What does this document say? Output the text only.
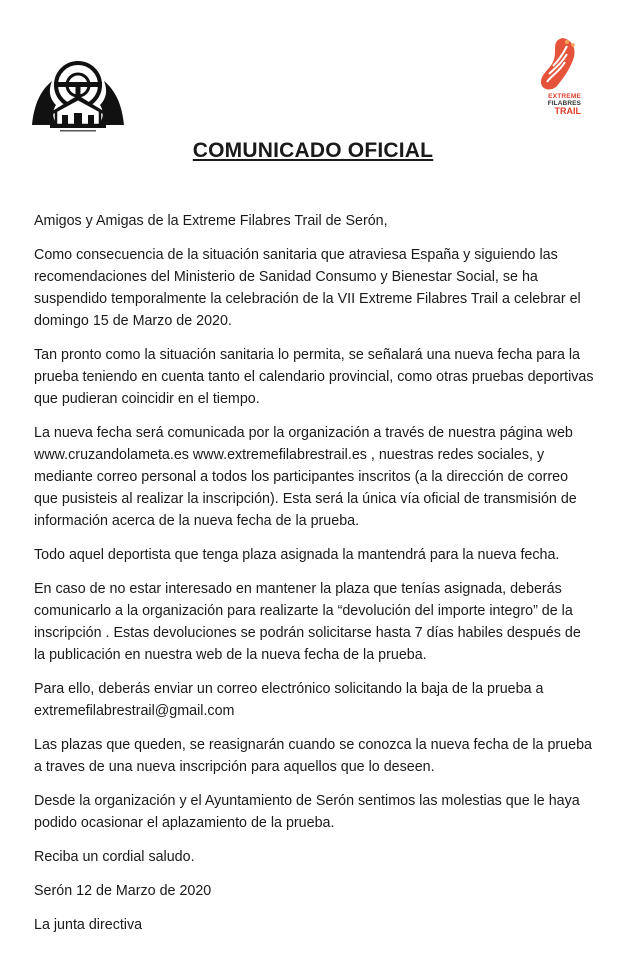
EXTREME
FILABRES
TRAIL
COMUNICADO OFICIAL

Amigos y Amigas de la Extreme Filabres Trail de Serón,

Como consecuencia de la situación sanitaria que atraviesa España y siguiendo las recomendaciones del Ministerio de Sanidad Consumo y Bienestar Social, se ha suspendido temporalmente la celebración de la VII Extreme Filabres Trail a celebrar el domingo 15 de Marzo de 2020.

Tan pronto como la situación sanitaria lo permita, se señalará una nueva fecha para la prueba teniendo en cuenta tanto el calendario provincial, como otras pruebas deportivas que pudieran coincidir en el tiempo.

La nueva fecha será comunicada por la organización a través de nuestra página web www.cruzandolameta.es www.extremefilabrestrail.es , nuestras redes sociales, y mediante correo personal a todos los participantes inscritos (a la dirección de correo que pusisteis al realizar la inscripción). Esta será la única vía oficial de transmisión de información acerca de la nueva fecha de la prueba.

Todo aquel deportista que tenga plaza asignada la mantendrá para la nueva fecha.

En caso de no estar interesado en mantener la plaza que tenías asignada, deberás comunicarlo a la organización para realizarte la “devolución del importe integro” de la inscripción . Estas devoluciones se podrán solicitarse hasta 7 días habiles después de la publicación en nuestra web de la nueva fecha de la prueba.

Para ello, deberás enviar un correo electrónico solicitando la baja de la prueba a extremefilabrestrail@gmail.com

Las plazas que queden, se reasignarán cuando se conozca la nueva fecha de la prueba a traves de una nueva inscripción para aquellos que lo deseen.

Desde la organización y el Ayuntamiento de Serón sentimos las molestias que le haya podido ocasionar el aplazamiento de la prueba.

Reciba un cordial saludo.

Serón 12 de Marzo de 2020

La junta directiva
